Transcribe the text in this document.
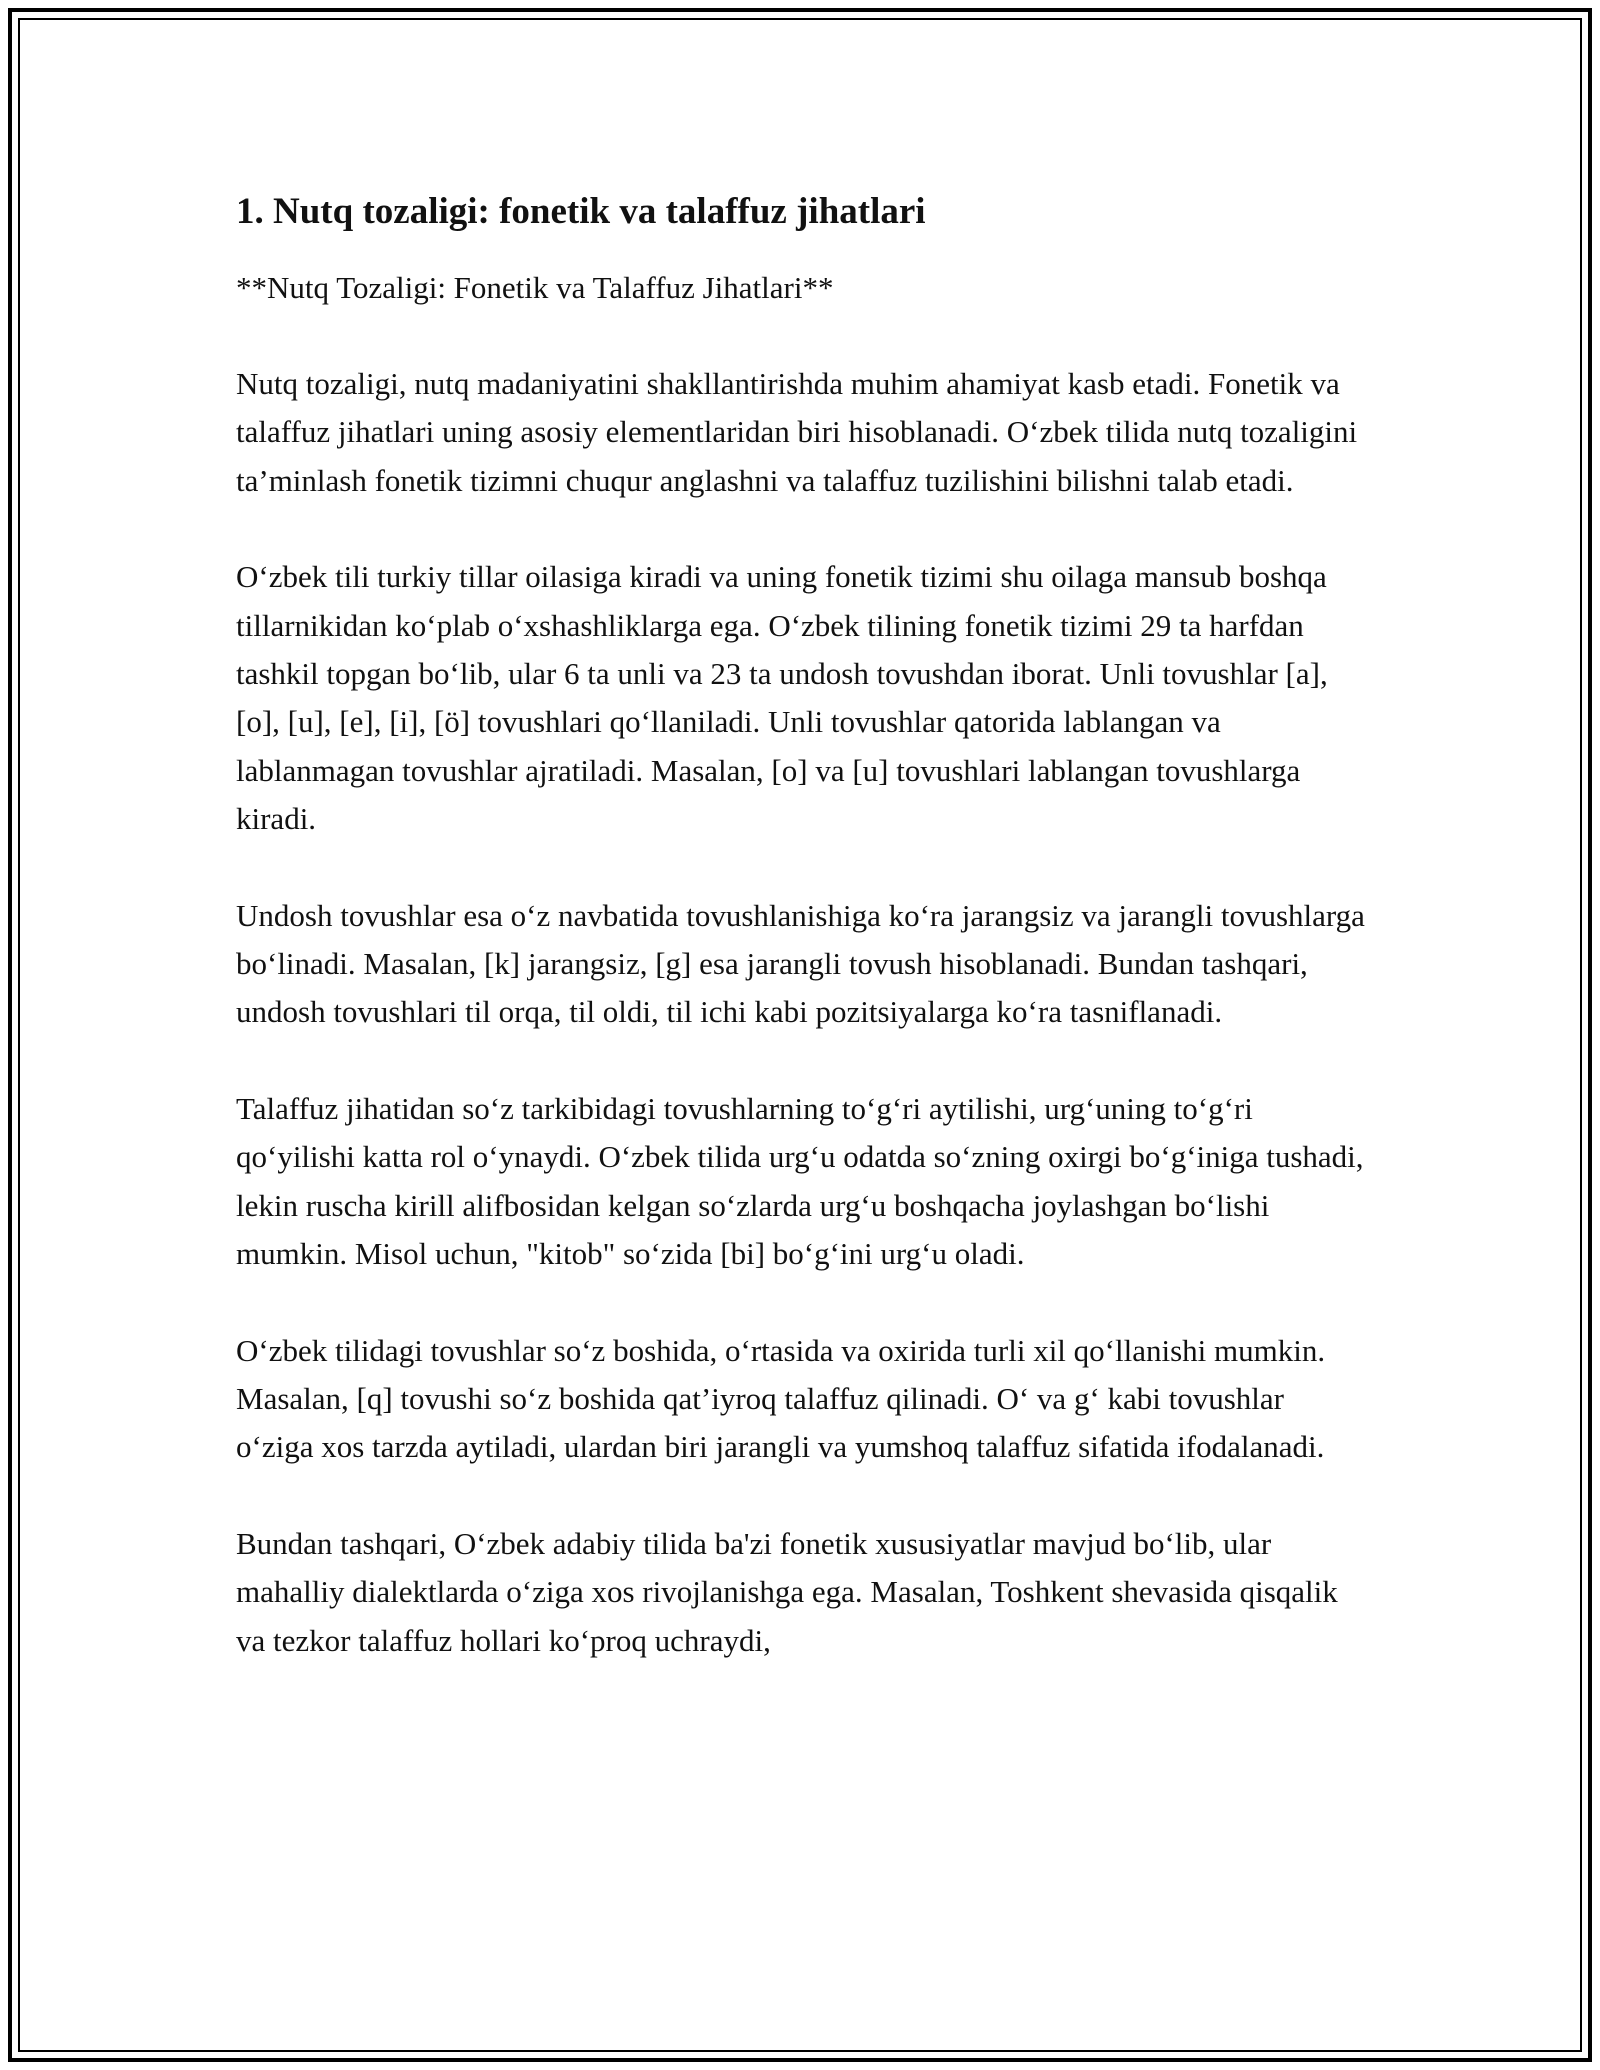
1. Nutq tozaligi: fonetik va talaffuz jihatlari

**Nutq Tozaligi: Fonetik va Talaffuz Jihatlari**

Nutq tozaligi, nutq madaniyatini shakllantirishda muhim ahamiyat kasb etadi. Fonetik va talaffuz jihatlari uning asosiy elementlaridan biri hisoblanadi. O‘zbek tilida nutq tozaligini ta’minlash fonetik tizimni chuqur anglashni va talaffuz tuzilishini bilishni talab etadi.

O‘zbek tili turkiy tillar oilasiga kiradi va uning fonetik tizimi shu oilaga mansub boshqa tillarnikidan ko‘plab o‘xshashliklarga ega. O‘zbek tilining fonetik tizimi 29 ta harfdan tashkil topgan bo‘lib, ular 6 ta unli va 23 ta undosh tovushdan iborat. Unli tovushlar [a], [o], [u], [e], [i], [ö] tovushlari qo‘llaniladi. Unli tovushlar qatorida lablangan va lablanmagan tovushlar ajratiladi. Masalan, [o] va [u] tovushlari lablangan tovushlarga kiradi.

Undosh tovushlar esa o‘z navbatida tovushlanishiga ko‘ra jarangsiz va jarangli tovushlarga bo‘linadi. Masalan, [k] jarangsiz, [g] esa jarangli tovush hisoblanadi. Bundan tashqari, undosh tovushlari til orqa, til oldi, til ichi kabi pozitsiyalarga ko‘ra tasniflanadi.

Talaffuz jihatidan so‘z tarkibidagi tovushlarning to‘g‘ri aytilishi, urg‘uning to‘g‘ri qo‘yilishi katta rol o‘ynaydi. O‘zbek tilida urg‘u odatda so‘zning oxirgi bo‘g‘iniga tushadi, lekin ruscha kirill alifbosidan kelgan so‘zlarda urg‘u boshqacha joylashgan bo‘lishi mumkin. Misol uchun, "kitob" so‘zida [bi] bo‘g‘ini urg‘u oladi.

O‘zbek tilidagi tovushlar so‘z boshida, o‘rtasida va oxirida turli xil qo‘llanishi mumkin. Masalan, [q] tovushi so‘z boshida qat’iyroq talaffuz qilinadi. O‘ va g‘ kabi tovushlar o‘ziga xos tarzda aytiladi, ulardan biri jarangli va yumshoq talaffuz sifatida ifodalanadi.

Bundan tashqari, O‘zbek adabiy tilida ba'zi fonetik xususiyatlar mavjud bo‘lib, ular mahalliy dialektlarda o‘ziga xos rivojlanishga ega. Masalan, Toshkent shevasida qisqalik va tezkor talaffuz hollari ko‘proq uchraydi,
